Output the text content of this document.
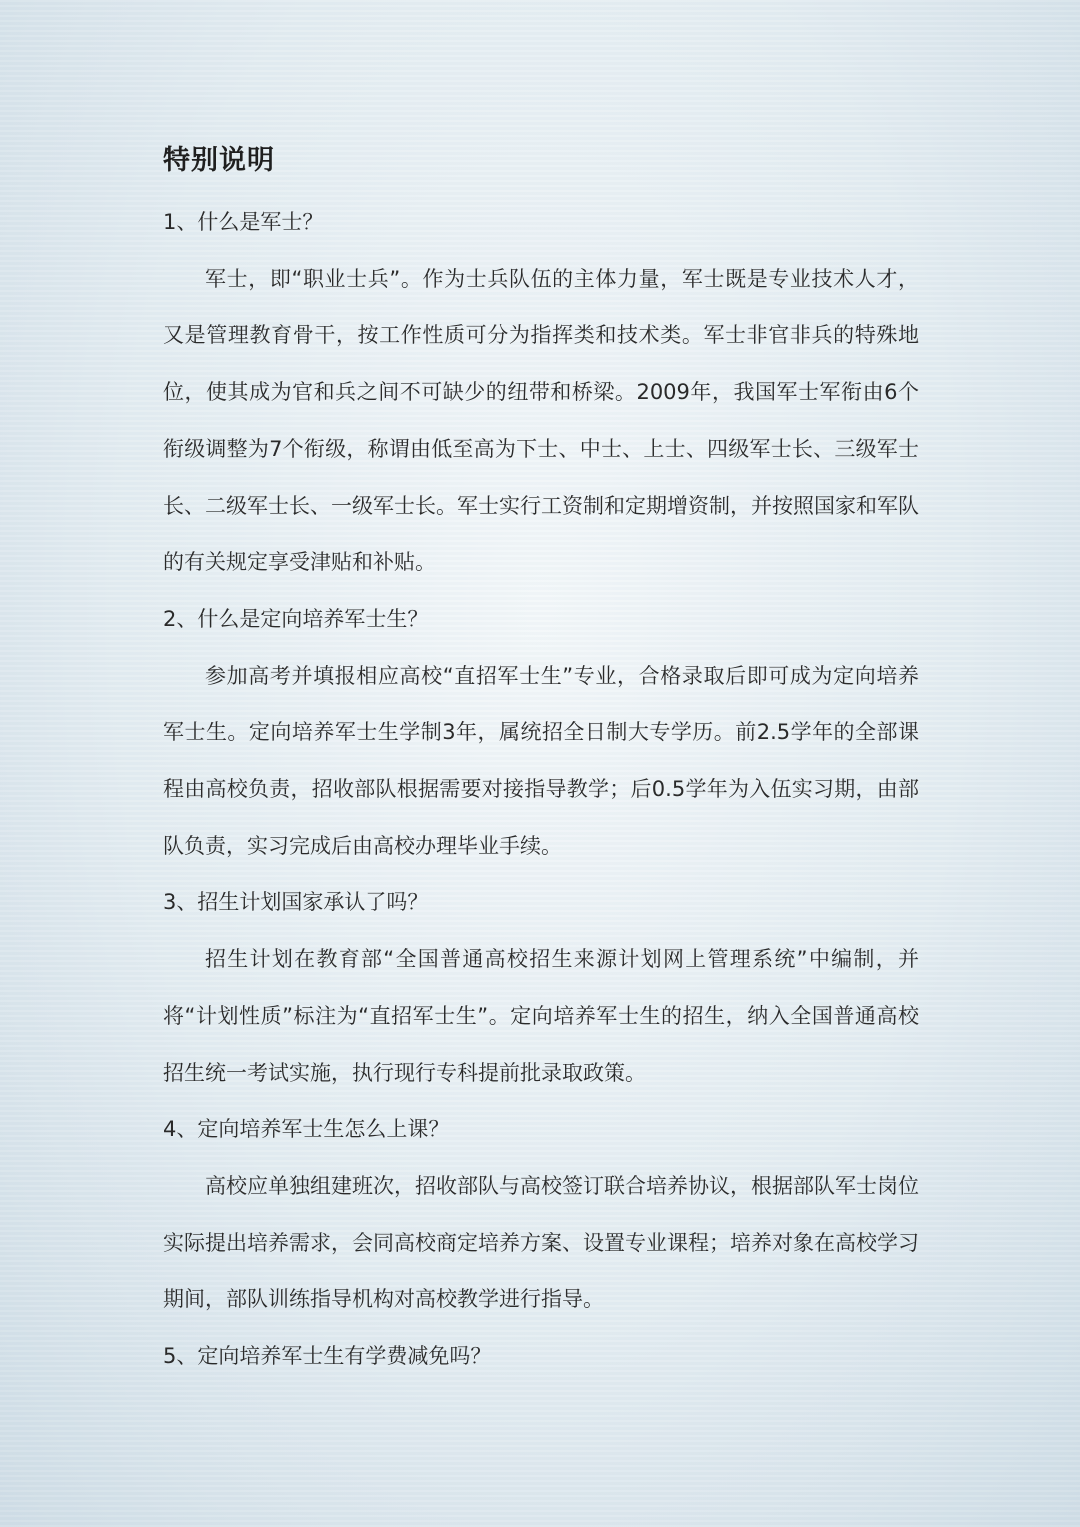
特别说明

1、什么是军士？

军士，即“职业士兵”。作为士兵队伍的主体力量，军士既是专业技术人才，又是管理教育骨干，按工作性质可分为指挥类和技术类。军士非官非兵的特殊地位，使其成为官和兵之间不可缺少的纽带和桥梁。2009年，我国军士军衔由6个衔级调整为7个衔级，称谓由低至高为下士、中士、上士、四级军士长、三级军士长、二级军士长、一级军士长。军士实行工资制和定期增资制，并按照国家和军队的有关规定享受津贴和补贴。

2、什么是定向培养军士生？

参加高考并填报相应高校“直招军士生”专业，合格录取后即可成为定向培养军士生。定向培养军士生学制3年，属统招全日制大专学历。前2.5学年的全部课程由高校负责，招收部队根据需要对接指导教学；后0.5学年为入伍实习期，由部队负责，实习完成后由高校办理毕业手续。

3、招生计划国家承认了吗？

招生计划在教育部“全国普通高校招生来源计划网上管理系统”中编制，并将“计划性质”标注为“直招军士生”。定向培养军士生的招生，纳入全国普通高校招生统一考试实施，执行现行专科提前批录取政策。

4、定向培养军士生怎么上课？

高校应单独组建班次，招收部队与高校签订联合培养协议，根据部队军士岗位实际提出培养需求，会同高校商定培养方案、设置专业课程；培养对象在高校学习期间，部队训练指导机构对高校教学进行指导。

5、定向培养军士生有学费减免吗？
